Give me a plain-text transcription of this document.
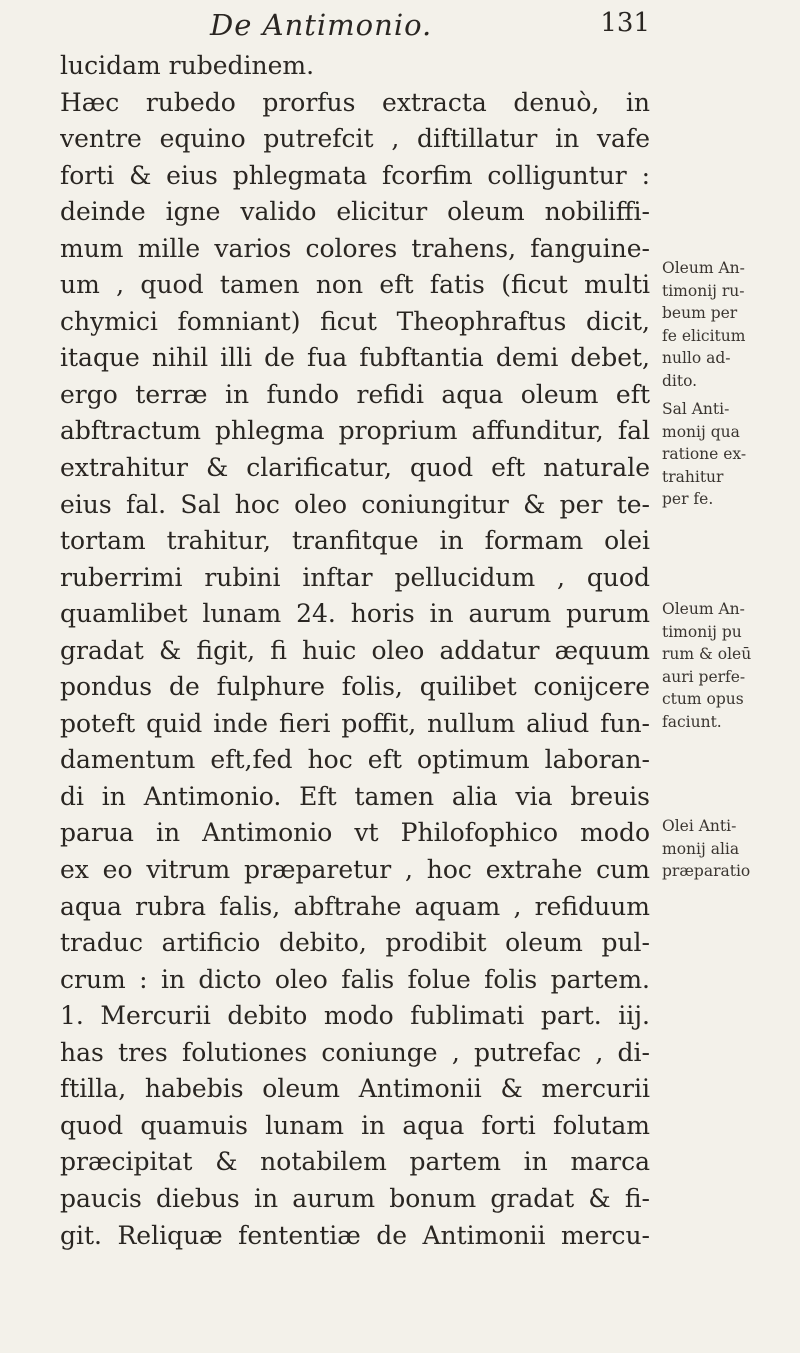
De Antimonio.	131
lucidam rubedinem.
Hæc rubedo prorfus extracta denuò, in
ventre equino putrefcit , diftillatur in vafe
forti & eius phlegmata fcorfim colliguntur :
deinde igne valido elicitur oleum nobiliffi-
mum mille varios colores trahens, fanguine-
um , quod tamen non eft fatis (ficut multi
chymici fomniant) ficut Theophraftus dicit,
itaque nihil illi de fua fubftantia demi debet,
ergo terræ in fundo refidi aqua oleum eft
abftractum phlegma proprium affunditur, fal
extrahitur & clarificatur, quod eft naturale
eius fal. Sal hoc oleo coniungitur & per te-
tortam trahitur, tranfitque in formam olei
ruberrimi rubini inftar pellucidum , quod
quamlibet lunam 24. horis in aurum purum
gradat & figit, fi huic oleo addatur æquum
pondus de fulphure folis, quilibet conijcere
poteft quid inde fieri poffit, nullum aliud fun-
damentum eft,fed hoc eft optimum laboran-
di in Antimonio. Eft tamen alia via breuis
parua in Antimonio vt Philofophico modo
ex eo vitrum præparetur , hoc extrahe cum
aqua rubra falis, abftrahe aquam , refiduum
traduc artificio debito, prodibit oleum pul-
crum : in dicto oleo falis folue folis partem.
1. Mercurii debito modo fublimati part. iij.
has tres folutiones coniunge , putrefac , di-
ftilla, habebis oleum Antimonii & mercurii
quod quamuis lunam in aqua forti folutam
præcipitat & notabilem partem in marca
paucis diebus in aurum bonum gradat & fi-
git. Reliquæ fententiæ de Antimonii mercu-
Oleum An-
timonij ru-
beum per
fe elicitum
nullo ad-
dito.
Sal Anti-
monij qua
ratione ex-
trahitur
per fe.
Oleum An-
timonij pu
rum & oleū
auri perfe-
ctum opus
faciunt.
Olei Anti-
monij alia
præparatio
